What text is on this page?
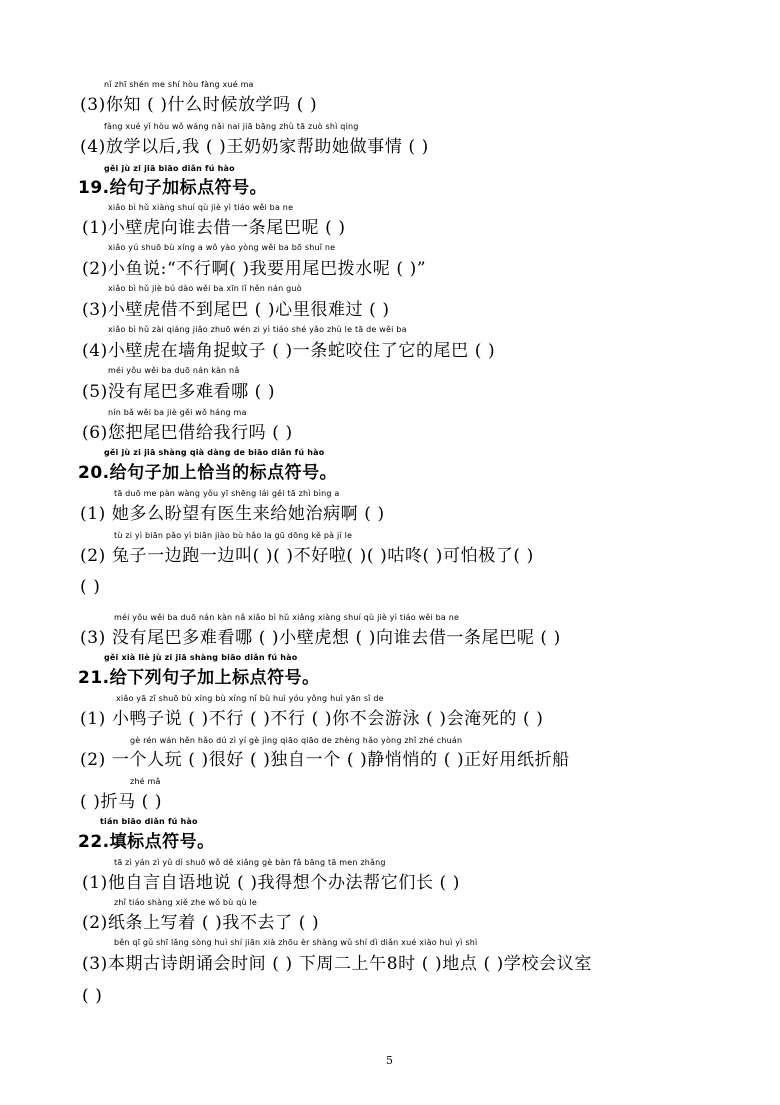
nǐ zhī shén me shí hòu fàng xué ma
(3)你知 ( )什么时候放学吗 ( )
fàng xué yǐ hòu wǒ wáng nǎi nai jiā bāng zhù tā zuò shì qing
(4)放学以后,我 ( )王奶奶家帮助她做事情 ( )
gěi jù zi jiā biāo diǎn fú hào
19.给句子加标点符号。
xiǎo bì hǔ xiàng shuí qù jiè yì tiáo wěi ba ne
(1)小壁虎向谁去借一条尾巴呢 ( )
xiǎo yú shuō bù xíng a wǒ yào yòng wěi ba bō shuǐ ne
(2)小鱼说:“不行啊( )我要用尾巴拨水呢 ( )”
xiǎo bì hǔ jiè bú dào wěi ba xīn lǐ hěn nán guò
(3)小壁虎借不到尾巴 ( )心里很难过 ( )
xiǎo bì hǔ zài qiáng jiǎo zhuō wén zi yì tiáo shé yǎo zhù le tā de wěi ba
(4)小壁虎在墙角捉蚊子 ( )一条蛇咬住了它的尾巴 ( )
méi yǒu wěi ba duō nán kàn nǎ
(5)没有尾巴多难看哪 ( )
nín bǎ wěi ba jiè gěi wǒ háng ma
(6)您把尾巴借给我行吗 ( )
gěi jù zi jiā shàng qià dàng de biāo diǎn fú hào
20.给句子加上恰当的标点符号。
tā duō me pàn wàng yǒu yī shēng lái gěi tā zhì bìng a
(1) 她多么盼望有医生来给她治病啊 ( )
tù zi yì biān pǎo yì biān jiào bù hǎo la gū dōng kě pà jí le
(2) 兔子一边跑一边叫( )( )不好啦( )( )咕咚( )可怕极了( )
( )
méi yǒu wěi ba duō nán kàn nǎ xiǎo bì hǔ xiǎng xiàng shuí qù jiè yì tiáo wěi ba ne
(3) 没有尾巴多难看哪 ( )小壁虎想 ( )向谁去借一条尾巴呢 ( )
gěi xià liè jù zi jiā shàng biāo diǎn fú hào
21.给下列句子加上标点符号。
xiǎo yā zǐ shuō bù xíng bù xíng nǐ bù huì yóu yǒng huì yān sǐ de
(1) 小鸭子说 ( )不行 ( )不行 ( )你不会游泳 ( )会淹死的 ( )
gè rén wán hěn hǎo dú zì yí gè jìng qiāo qiāo de zhèng hǎo yòng zhǐ zhé chuán
(2) 一个人玩 ( )很好 ( )独自一个 ( )静悄悄的 ( )正好用纸折船
zhé mǎ
( )折马 ( )
tián biāo diǎn fú hào
22.填标点符号。
tā zì yán zì yǔ dì shuō wǒ dě xiǎng gè bàn fǎ bāng tā men zhǎng
(1)他自言自语地说 ( )我得想个办法帮它们长 ( )
zhǐ tiáo shàng xiě zhe wǒ bù qù le
(2)纸条上写着 ( )我不去了 ( )
běn qī gǔ shī lǎng sòng huì shí jiān xià zhōu èr shàng wǔ shí dì diǎn xué xiào huì yì shì
(3)本期古诗朗诵会时间 ( ) 下周二上午8时 ( )地点 ( )学校会议室
( )
5
